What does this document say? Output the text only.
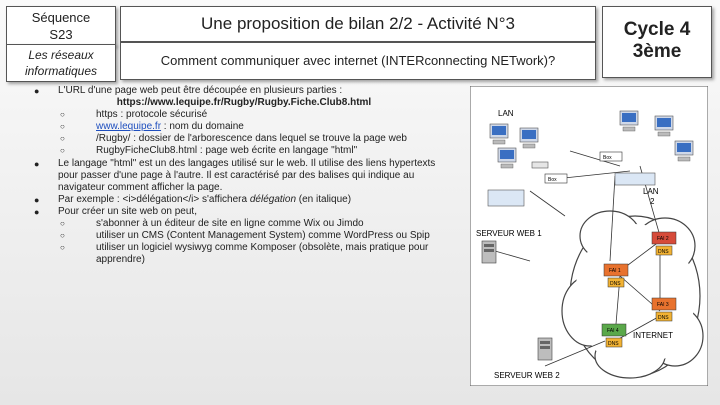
Séquence
S23
Les réseaux
informatiques
Une proposition de bilan 2/2 - Activité N°3
Comment communiquer avec internet (INTERconnecting NETwork)?
Cycle 4
3ème
● L'URL d'une page web peut être découpée en plusieurs parties :
https://www.lequipe.fr/Rugby/Rugby.Fiche.Club8.html
○	https : protocole sécurisé
○	www.lequipe.fr : nom du domaine
○	/Rugby/ : dossier de l'arborescence dans lequel se trouve la page web
○	RugbyFicheClub8.html : page web écrite en langage "html"
● Le langage "html" est un des langages utilisé sur le web. Il utilise des liens hypertexts pour passer d'une page à l'autre. Il est caractérisé par des balises qui indique au navigateur comment afficher la page.
● Par exemple : <i>délégation</i> s'affichera délégation (en italique)
● Pour créer un site web on peut,
○	s'abonner à un éditeur de site en ligne comme Wix ou Jimdo
○	utiliser un CMS (Content Management System) comme WordPress ou Spip
○	utiliser un logiciel wysiwyg comme Komposer (obsolète, mais pratique pour apprendre)
LAN
Box
LAN
2
Box
SERVEUR WEB 1
SERVEUR WEB 2
FAI 2
DNS
FAI 1
DNS
FAI 3
DNS
FAI 4
DNS
INTERNET
